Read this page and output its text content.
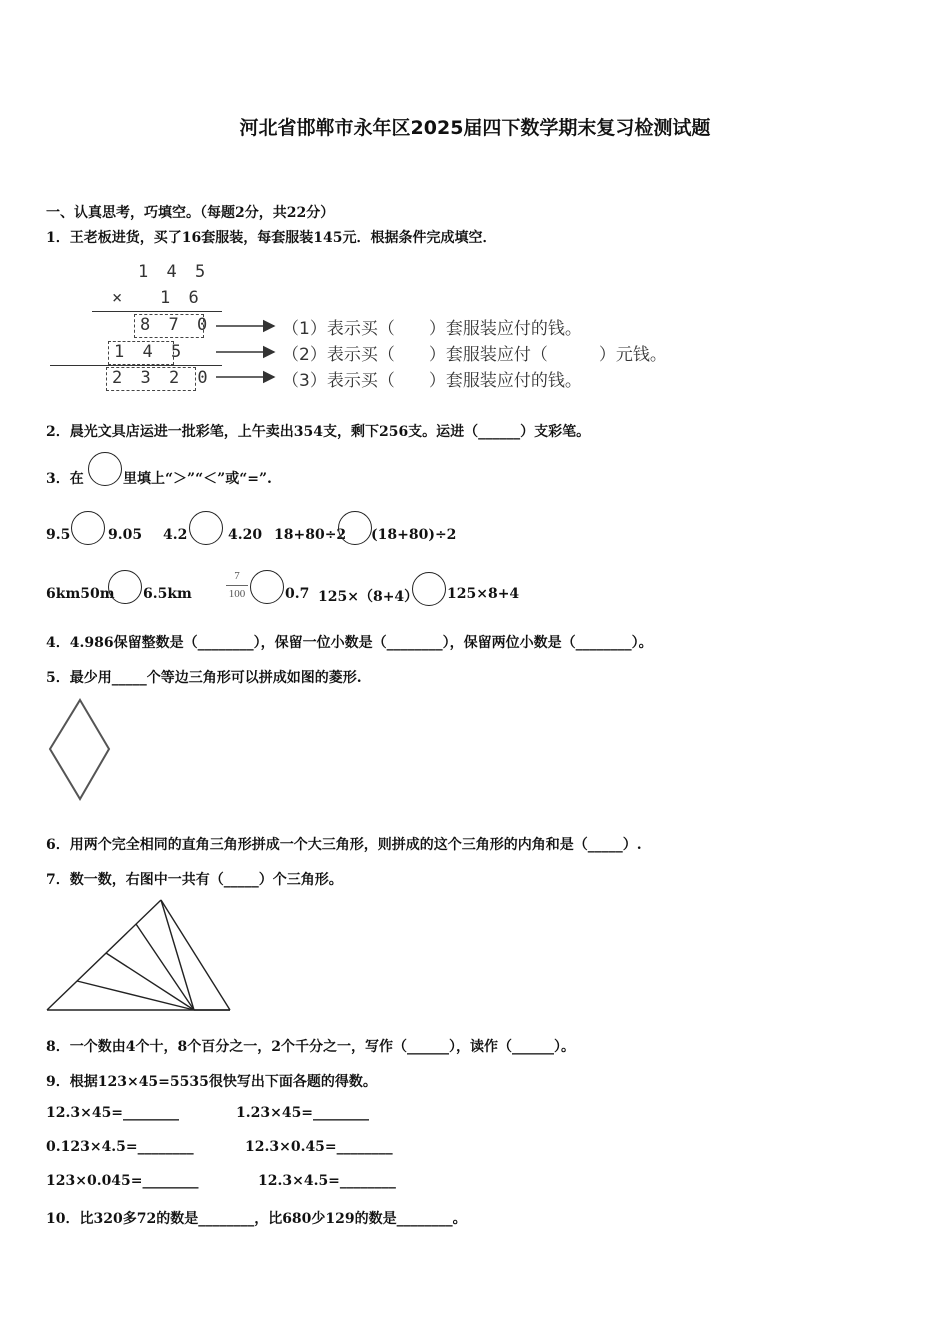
河北省邯郸市永年区2025届四下数学期末复习检测试题
一、认真思考，巧填空。（每题2分，共22分）
1．王老板进货，买了16套服装，每套服装145元．根据条件完成填空．
1 4 5
× 1 6
8 7 0
1 4 5
2 3 2 0
（1）表示买（　　）套服装应付的钱。
（2）表示买（　　）套服装应付（　　　）元钱。
（3）表示买（　　）套服装应付的钱。
2．晨光文具店运进一批彩笔，上午卖出354支，剩下256支。运进（______）支彩笔。
3．在	里填上“＞”“＜”或“=”.
9.5	9.05 4.2	4.20 18+80÷2 (18+80)÷2
6km50m 6.5km
7
100	0.7 125×（8+4） 125×8+4
4．4.986保留整数是（________），保留一位小数是（________），保留两位小数是（________）。
5．最少用_____个等边三角形可以拼成如图的菱形.
6．用两个完全相同的直角三角形拼成一个大三角形，则拼成的这个三角形的内角和是（_____）.
7．数一数，右图中一共有（_____）个三角形。
8．一个数由4个十，8个百分之一，2个千分之一，写作（______），读作（______）。
9．根据123×45=5535很快写出下面各题的得数。
12.3×45=________	1.23×45=________
0.123×4.5=________	12.3×0.45=________
123×0.045=________	12.3×4.5=________
10．比320多72的数是________，比680少129的数是________。
